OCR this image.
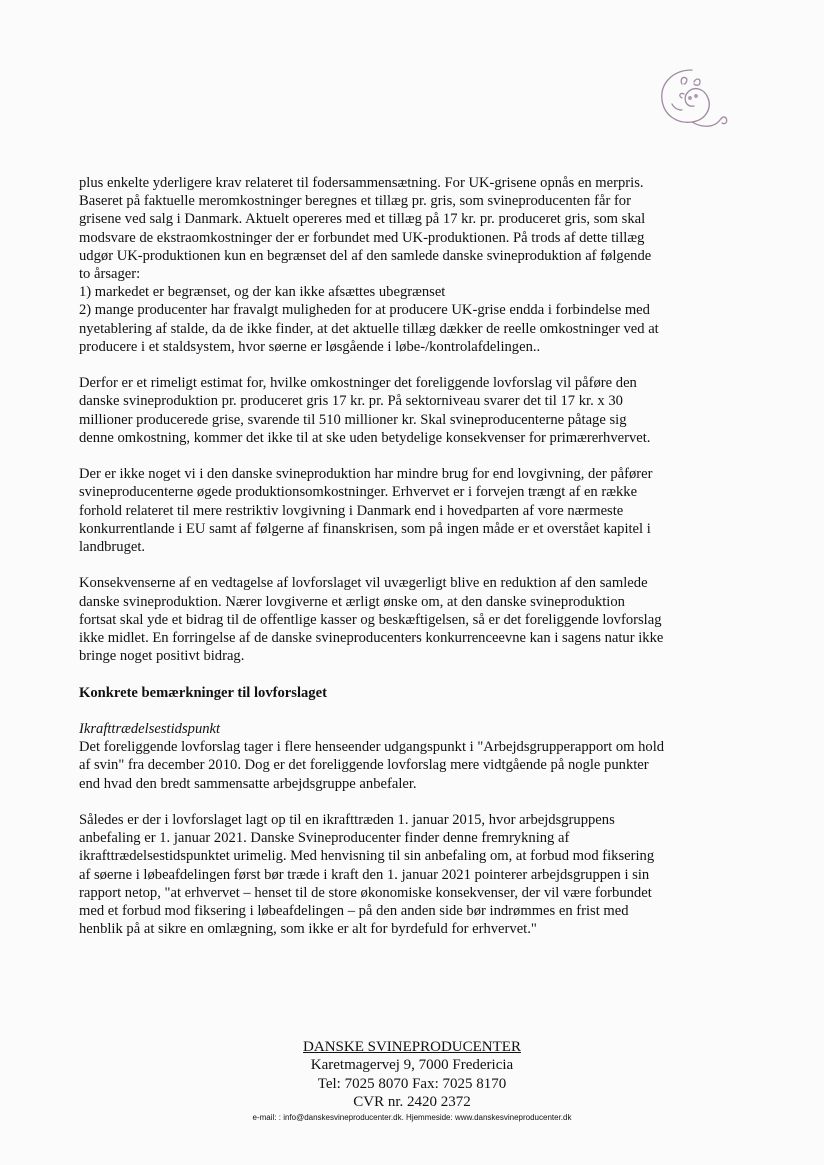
plus enkelte yderligere krav relateret til fodersammensætning. For UK-grisene opnås en merpris.
Baseret på faktuelle meromkostninger beregnes et tillæg pr. gris, som svineproducenten får for
grisene ved salg i Danmark. Aktuelt opereres med et tillæg på 17 kr. pr. produceret gris, som skal
modsvare de ekstraomkostninger der er forbundet med UK-produktionen. På trods af dette tillæg
udgør UK-produktionen kun en begrænset del af den samlede danske svineproduktion af følgende
to årsager:
1) markedet er begrænset, og der kan ikke afsættes ubegrænset
2) mange producenter har fravalgt muligheden for at producere UK-grise endda i forbindelse med
nyetablering af stalde, da de ikke finder, at det aktuelle tillæg dækker de reelle omkostninger ved at
producere i et staldsystem, hvor søerne er løsgående i løbe-/kontrolafdelingen..

Derfor er et rimeligt estimat for, hvilke omkostninger det foreliggende lovforslag vil påføre den
danske svineproduktion pr. produceret gris 17 kr. pr. På sektorniveau svarer det til 17 kr. x 30
millioner producerede grise, svarende til 510 millioner kr. Skal svineproducenterne påtage sig
denne omkostning, kommer det ikke til at ske uden betydelige konsekvenser for primærerhvervet.

Der er ikke noget vi i den danske svineproduktion har mindre brug for end lovgivning, der påfører
svineproducenterne øgede produktionsomkostninger. Erhvervet er i forvejen trængt af en række
forhold relateret til mere restriktiv lovgivning i Danmark end i hovedparten af vore nærmeste
konkurrentlande i EU samt af følgerne af finanskrisen, som på ingen måde er et overstået kapitel i
landbruget.

Konsekvenserne af en vedtagelse af lovforslaget vil uvægerligt blive en reduktion af den samlede
danske svineproduktion. Nærer lovgiverne et ærligt ønske om, at den danske svineproduktion
fortsat skal yde et bidrag til de offentlige kasser og beskæftigelsen, så er det foreliggende lovforslag
ikke midlet. En forringelse af de danske svineproducenters konkurrenceevne kan i sagens natur ikke
bringe noget positivt bidrag.

Konkrete bemærkninger til lovforslaget

Ikrafttrædelsestidspunkt
Det foreliggende lovforslag tager i flere henseender udgangspunkt i "Arbejdsgrupperapport om hold
af svin" fra december 2010. Dog er det foreliggende lovforslag mere vidtgående på nogle punkter
end hvad den bredt sammensatte arbejdsgruppe anbefaler.

Således er der i lovforslaget lagt op til en ikrafttræden 1. januar 2015, hvor arbejdsgruppens
anbefaling er 1. januar 2021. Danske Svineproducenter finder denne fremrykning af
ikrafttrædelsestidspunktet urimelig. Med henvisning til sin anbefaling om, at forbud mod fiksering
af søerne i løbeafdelingen først bør træde i kraft den 1. januar 2021 pointerer arbejdsgruppen i sin
rapport netop, "at erhvervet – henset til de store økonomiske konsekvenser, der vil være forbundet
med et forbud mod fiksering i løbeafdelingen – på den anden side bør indrømmes en frist med
henblik på at sikre en omlægning, som ikke er alt for byrdefuld for erhvervet."

DANSKE SVINEPRODUCENTER
Karetmagervej 9, 7000 Fredericia
Tel: 7025 8070 Fax: 7025 8170
CVR nr. 2420 2372
e-mail: : info@danskesvineproducenter.dk. Hjemmeside: www.danskesvineproducenter.dk
